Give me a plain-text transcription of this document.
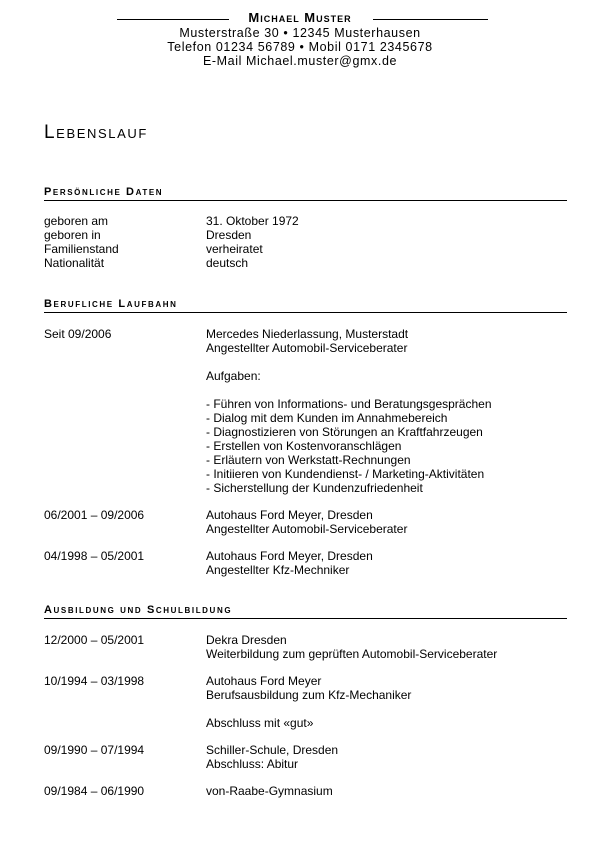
Michael Muster
Musterstraße 30 • 12345 Musterhausen
Telefon 01234 56789 • Mobil 0171 2345678
E-Mail Michael.muster@gmx.de
Lebenslauf
Persönliche Daten
geboren am	31. Oktober 1972
geboren in	Dresden
Familienstand	verheiratet
Nationalität	deutsch
Berufliche Laufbahn
Seit 09/2006	Mercedes Niederlassung, Musterstadt
Angestellter Automobil-Serviceberater
Aufgaben:
- Führen von Informations- und Beratungsgesprächen
- Dialog mit dem Kunden im Annahmebereich
- Diagnostizieren von Störungen an Kraftfahrzeugen
- Erstellen von Kostenvoranschlägen
- Erläutern von Werkstatt-Rechnungen
- Initiieren von Kundendienst- / Marketing-Aktivitäten
- Sicherstellung der Kundenzufriedenheit
06/2001 – 09/2006	Autohaus Ford Meyer, Dresden
Angestellter Automobil-Serviceberater
04/1998 – 05/2001	Autohaus Ford Meyer, Dresden
Angestellter Kfz-Mechniker
Ausbildung und Schulbildung
12/2000 – 05/2001	Dekra Dresden
Weiterbildung zum geprüften Automobil-Serviceberater
10/1994 – 03/1998	Autohaus Ford Meyer
Berufsausbildung zum Kfz-Mechaniker
Abschluss mit «gut»
09/1990 – 07/1994	Schiller-Schule, Dresden
Abschluss: Abitur
09/1984 – 06/1990	von-Raabe-Gymnasium
